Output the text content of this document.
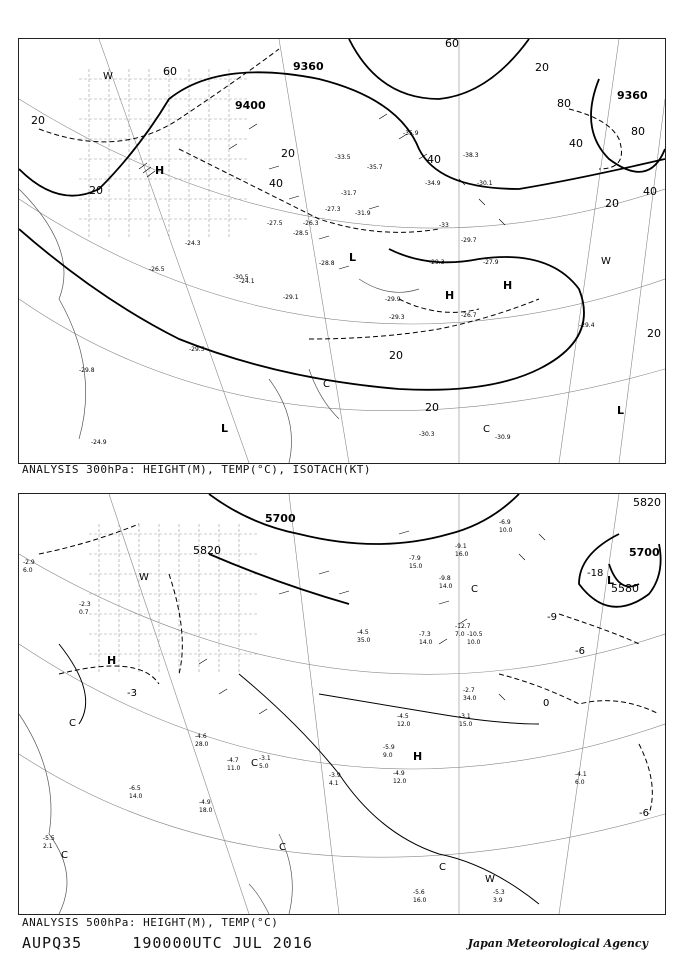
9360
9400
9360
20
20
20
60
40
40
60
20
80
80
40
20
40
20
20
20
H
H
L
H
L
L
W
C
C
W
-29.5
-29.8
-30.3
-29.7
-29.3
-29.4
-29.9
-29.3	-26.7
-27.9
-28.8
-24.9
-30.9
-30.5
-29.1
-30.1
-33
-35.9
-38.3
-34.9
-26.3
-27.3
-24.3
-24.1
-26.5
-27.5
-28.5
-31.7
-35.7
-33.5
-31.9
ANALYSIS 300hPa: HEIGHT(M), TEMP(°C), ISOTACH(KT)
5700
5700
5580
5820
5820
H
H
L
W
C
C
C
C
W
C
C
-3
0
-9
-6
-18
-6
-5.9
9.0
-3.9
4.1
-4.9
12.0
-4.5
12.0
-3.1
15.0
-2.7
34.0
-5.6
16.0
-5.3
3.9
-4.1
6.0
-3.1
5.0
-4.7
11.0
-4.6
28.0
-5.5
2.1
-4.9
18.0
-6.5
14.0
-2.3
0.7
-2.9
6.0
-6.9
10.0
-9.1
16.0
-12.7
7.0
-7.3
14.0
-4.5
35.0
-7.9
15.0
-9.8
14.0
-10.5
10.0
ANALYSIS 500hPa: HEIGHT(M), TEMP(°C)
AUPQ35	190000UTC JUL 2016	Japan Meteorological Agency
